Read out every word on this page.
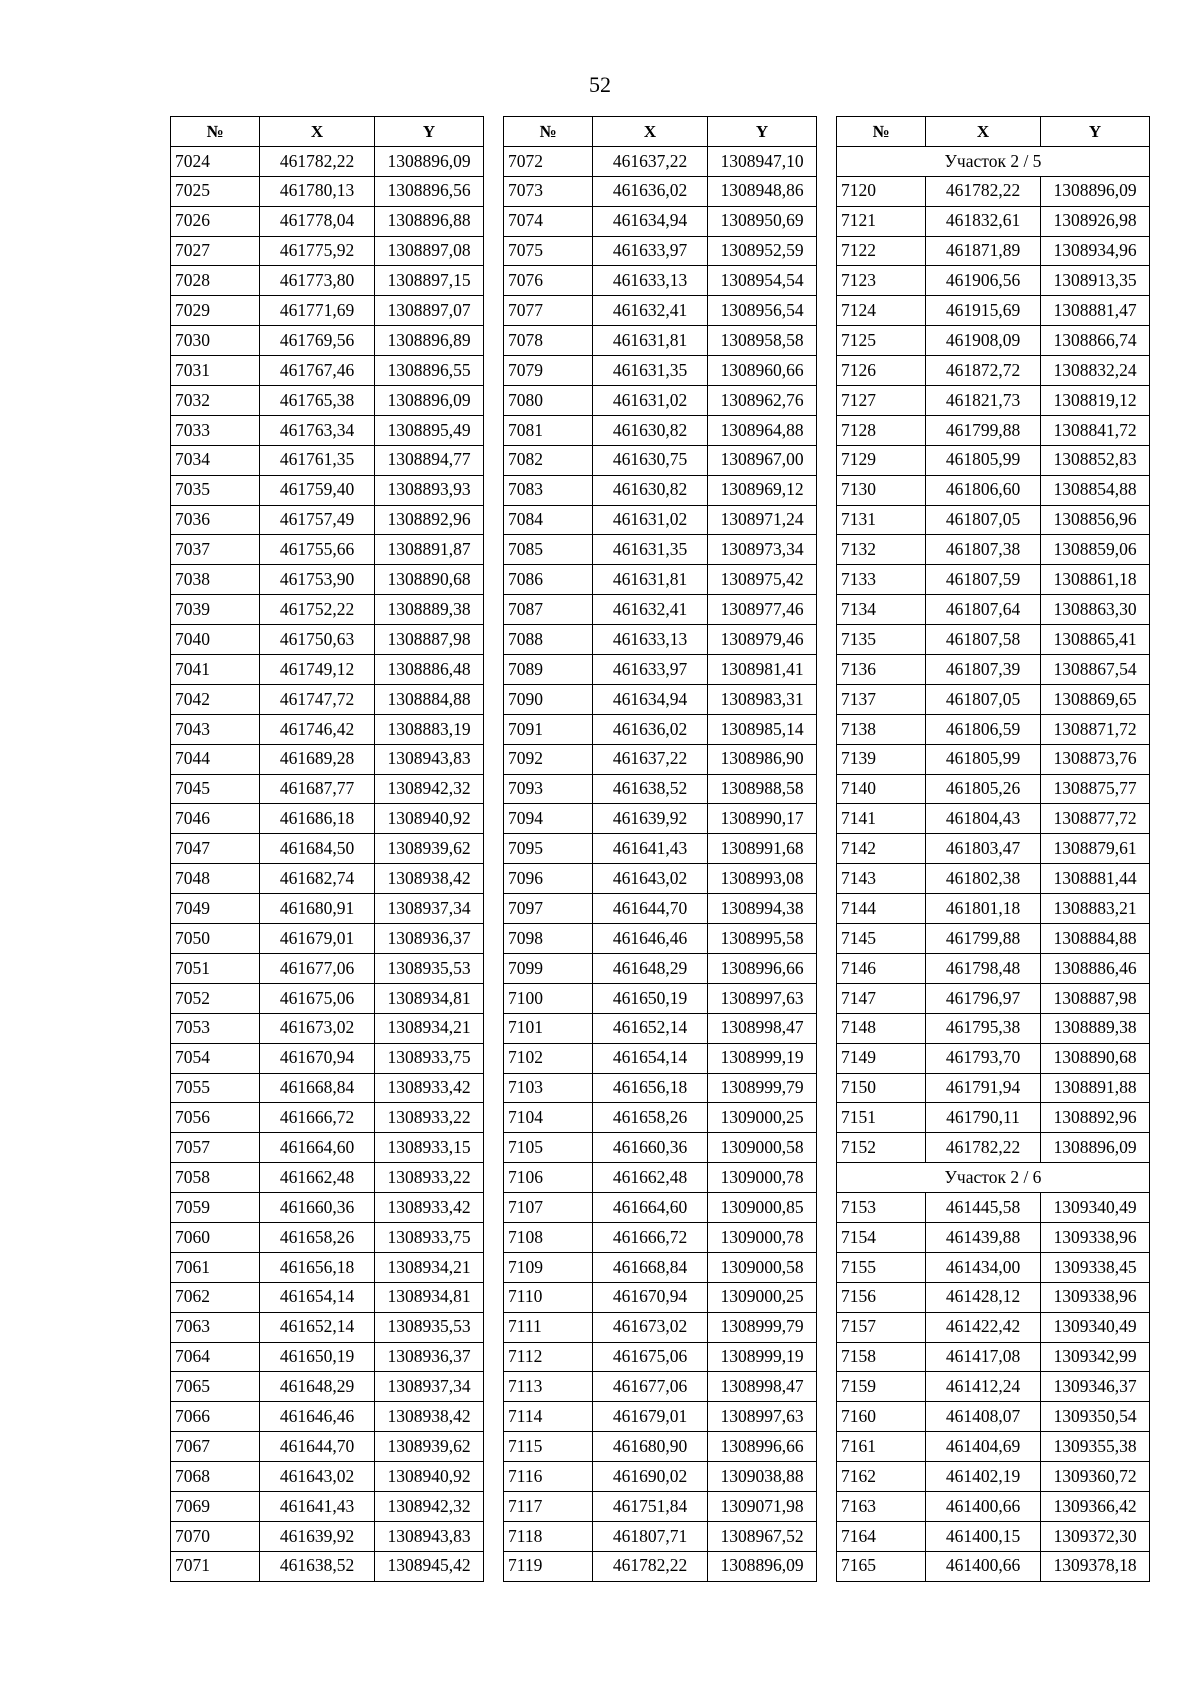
52
№	X	Y
7024	461782,22	1308896,09
7025	461780,13	1308896,56
7026	461778,04	1308896,88
7027	461775,92	1308897,08
7028	461773,80	1308897,15
7029	461771,69	1308897,07
7030	461769,56	1308896,89
7031	461767,46	1308896,55
7032	461765,38	1308896,09
7033	461763,34	1308895,49
7034	461761,35	1308894,77
7035	461759,40	1308893,93
7036	461757,49	1308892,96
7037	461755,66	1308891,87
7038	461753,90	1308890,68
7039	461752,22	1308889,38
7040	461750,63	1308887,98
7041	461749,12	1308886,48
7042	461747,72	1308884,88
7043	461746,42	1308883,19
7044	461689,28	1308943,83
7045	461687,77	1308942,32
7046	461686,18	1308940,92
7047	461684,50	1308939,62
7048	461682,74	1308938,42
7049	461680,91	1308937,34
7050	461679,01	1308936,37
7051	461677,06	1308935,53
7052	461675,06	1308934,81
7053	461673,02	1308934,21
7054	461670,94	1308933,75
7055	461668,84	1308933,42
7056	461666,72	1308933,22
7057	461664,60	1308933,15
7058	461662,48	1308933,22
7059	461660,36	1308933,42
7060	461658,26	1308933,75
7061	461656,18	1308934,21
7062	461654,14	1308934,81
7063	461652,14	1308935,53
7064	461650,19	1308936,37
7065	461648,29	1308937,34
7066	461646,46	1308938,42
7067	461644,70	1308939,62
7068	461643,02	1308940,92
7069	461641,43	1308942,32
7070	461639,92	1308943,83
7071	461638,52	1308945,42
№	X	Y
7072	461637,22	1308947,10
7073	461636,02	1308948,86
7074	461634,94	1308950,69
7075	461633,97	1308952,59
7076	461633,13	1308954,54
7077	461632,41	1308956,54
7078	461631,81	1308958,58
7079	461631,35	1308960,66
7080	461631,02	1308962,76
7081	461630,82	1308964,88
7082	461630,75	1308967,00
7083	461630,82	1308969,12
7084	461631,02	1308971,24
7085	461631,35	1308973,34
7086	461631,81	1308975,42
7087	461632,41	1308977,46
7088	461633,13	1308979,46
7089	461633,97	1308981,41
7090	461634,94	1308983,31
7091	461636,02	1308985,14
7092	461637,22	1308986,90
7093	461638,52	1308988,58
7094	461639,92	1308990,17
7095	461641,43	1308991,68
7096	461643,02	1308993,08
7097	461644,70	1308994,38
7098	461646,46	1308995,58
7099	461648,29	1308996,66
7100	461650,19	1308997,63
7101	461652,14	1308998,47
7102	461654,14	1308999,19
7103	461656,18	1308999,79
7104	461658,26	1309000,25
7105	461660,36	1309000,58
7106	461662,48	1309000,78
7107	461664,60	1309000,85
7108	461666,72	1309000,78
7109	461668,84	1309000,58
7110	461670,94	1309000,25
7111	461673,02	1308999,79
7112	461675,06	1308999,19
7113	461677,06	1308998,47
7114	461679,01	1308997,63
7115	461680,90	1308996,66
7116	461690,02	1309038,88
7117	461751,84	1309071,98
7118	461807,71	1308967,52
7119	461782,22	1308896,09
№	X	Y
Участок 2 / 5		
7120	461782,22	1308896,09
7121	461832,61	1308926,98
7122	461871,89	1308934,96
7123	461906,56	1308913,35
7124	461915,69	1308881,47
7125	461908,09	1308866,74
7126	461872,72	1308832,24
7127	461821,73	1308819,12
7128	461799,88	1308841,72
7129	461805,99	1308852,83
7130	461806,60	1308854,88
7131	461807,05	1308856,96
7132	461807,38	1308859,06
7133	461807,59	1308861,18
7134	461807,64	1308863,30
7135	461807,58	1308865,41
7136	461807,39	1308867,54
7137	461807,05	1308869,65
7138	461806,59	1308871,72
7139	461805,99	1308873,76
7140	461805,26	1308875,77
7141	461804,43	1308877,72
7142	461803,47	1308879,61
7143	461802,38	1308881,44
7144	461801,18	1308883,21
7145	461799,88	1308884,88
7146	461798,48	1308886,46
7147	461796,97	1308887,98
7148	461795,38	1308889,38
7149	461793,70	1308890,68
7150	461791,94	1308891,88
7151	461790,11	1308892,96
7152	461782,22	1308896,09
Участок 2 / 6		
7153	461445,58	1309340,49
7154	461439,88	1309338,96
7155	461434,00	1309338,45
7156	461428,12	1309338,96
7157	461422,42	1309340,49
7158	461417,08	1309342,99
7159	461412,24	1309346,37
7160	461408,07	1309350,54
7161	461404,69	1309355,38
7162	461402,19	1309360,72
7163	461400,66	1309366,42
7164	461400,15	1309372,30
7165	461400,66	1309378,18
